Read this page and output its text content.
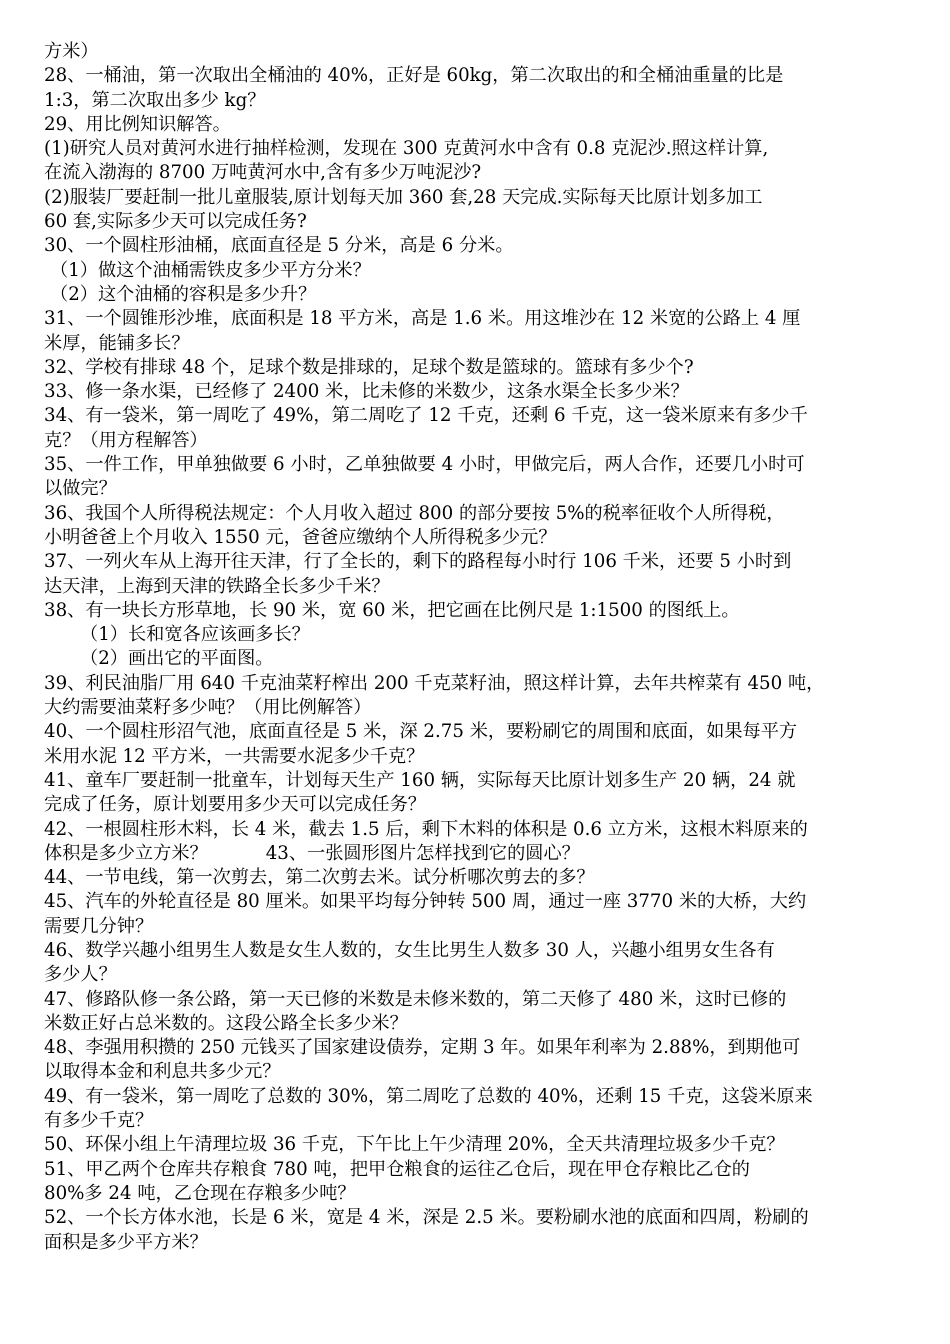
方米）
28、一桶油，第一次取出全桶油的 40%，正好是 60kg，第二次取出的和全桶油重量的比是
1:3，第二次取出多少 kg？
29、用比例知识解答。
(1)研究人员对黄河水进行抽样检测，发现在 300 克黄河水中含有 0.8 克泥沙.照这样计算,
在流入渤海的 8700 万吨黄河水中,含有多少万吨泥沙?
(2)服装厂要赶制一批儿童服装,原计划每天加 360 套,28 天完成.实际每天比原计划多加工
60 套,实际多少天可以完成任务?
30、一个圆柱形油桶，底面直径是 5 分米，高是 6 分米。
（1）做这个油桶需铁皮多少平方分米？
（2）这个油桶的容积是多少升？
31、一个圆锥形沙堆，底面积是 18 平方米，高是 1.6 米。用这堆沙在 12 米宽的公路上 4 厘
米厚，能铺多长？
32、学校有排球 48 个，足球个数是排球的，足球个数是篮球的。篮球有多少个?
33、修一条水渠，已经修了 2400 米，比未修的米数少，这条水渠全长多少米？
34、有一袋米，第一周吃了 49%，第二周吃了 12 千克，还剩 6 千克，这一袋米原来有多少千
克？（用方程解答）
35、一件工作，甲单独做要 6 小时，乙单独做要 4 小时，甲做完后，两人合作，还要几小时可
以做完？
36、我国个人所得税法规定：个人月收入超过 800 的部分要按 5%的税率征收个人所得税，
小明爸爸上个月收入 1550 元，爸爸应缴纳个人所得税多少元？
37、一列火车从上海开往天津，行了全长的，剩下的路程每小时行 106 千米，还要 5 小时到
达天津，上海到天津的铁路全长多少千米？
38、有一块长方形草地，长 90 米，宽 60 米，把它画在比例尺是 1:1500 的图纸上。
（1）长和宽各应该画多长？
（2）画出它的平面图。
39、利民油脂厂用 640 千克油菜籽榨出 200 千克菜籽油，照这样计算，去年共榨菜有 450 吨，
大约需要油菜籽多少吨？（用比例解答）
40、一个圆柱形沼气池，底面直径是 5 米，深 2.75 米，要粉刷它的周围和底面，如果每平方
米用水泥 12 平方米，一共需要水泥多少千克？
41、童车厂要赶制一批童车，计划每天生产 160 辆，实际每天比原计划多生产 20 辆，24 就
完成了任务，原计划要用多少天可以完成任务？
42、一根圆柱形木料，长 4 米，截去 1.5 后，剩下木料的体积是 0.6 立方米，这根木料原来的
体积是多少立方米？	43、一张圆形图片怎样找到它的圆心？
44、一节电线，第一次剪去，第二次剪去米。试分析哪次剪去的多？
45、汽车的外轮直径是 80 厘米。如果平均每分钟转 500 周，通过一座 3770 米的大桥，大约
需要几分钟？
46、数学兴趣小组男生人数是女生人数的，女生比男生人数多 30 人，兴趣小组男女生各有
多少人？
47、修路队修一条公路，第一天已修的米数是未修米数的，第二天修了 480 米，这时已修的
米数正好占总米数的。这段公路全长多少米？
48、李强用积攒的 250 元钱买了国家建设债券，定期 3 年。如果年利率为 2.88%，到期他可
以取得本金和利息共多少元？
49、有一袋米，第一周吃了总数的 30%，第二周吃了总数的 40%，还剩 15 千克，这袋米原来
有多少千克？
50、环保小组上午清理垃圾 36 千克，下午比上午少清理 20%，全天共清理垃圾多少千克？
51、甲乙两个仓库共存粮食 780 吨，把甲仓粮食的运往乙仓后，现在甲仓存粮比乙仓的
80%多 24 吨，乙仓现在存粮多少吨？
52、一个长方体水池，长是 6 米，宽是 4 米，深是 2.5 米。要粉刷水池的底面和四周，粉刷的
面积是多少平方米？
